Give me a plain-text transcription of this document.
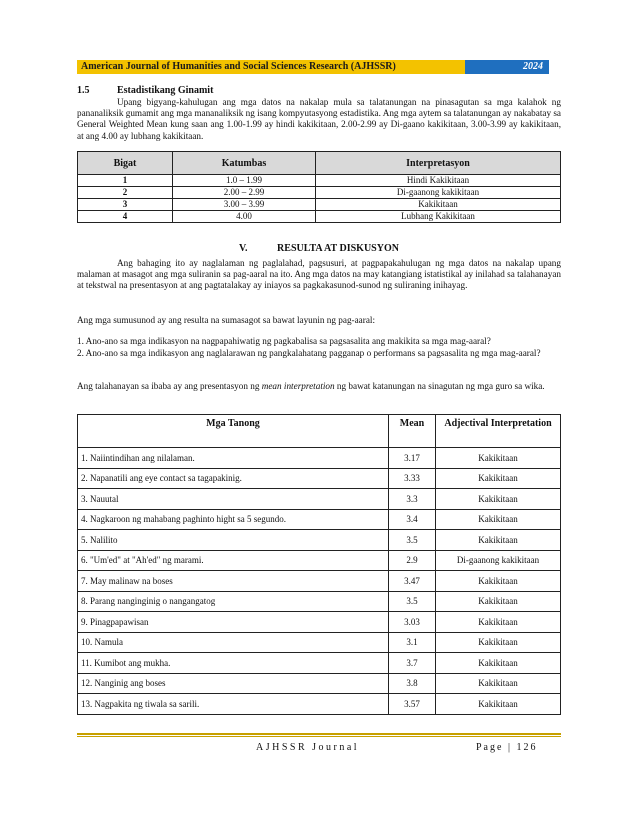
American Journal of Humanities and Social Sciences Research (AJHSSR)	2024
1.5	Estadistikang Ginamit
Upang bigyang-kahulugan ang mga datos na nakalap mula sa talatanungan na pinasagutan sa mga kalahok ng pananaliksik gumamit ang mga mananaliksik ng isang kompyutasyong estadistika. Ang mga aytem sa talatanungan ay nakabatay sa General Weighted Mean kung saan ang 1.00-1.99 ay hindi kakikitaan, 2.00-2.99 ay Di-gaano kakikitaan, 3.00-3.99 ay kakikitaan, at ang 4.00 ay lubhang kakikitaan.
Bigat	Katumbas	Interpretasyon
1	1.0 – 1.99	Hindi Kakikitaan
2	2.00 – 2.99	Di-gaanong kakikitaan
3	3.00 – 3.99	Kakikitaan
4	4.00	Lubhang Kakikitaan
V.	RESULTA AT DISKUSYON
Ang bahaging ito ay naglalaman ng paglalahad, pagsusuri, at pagpapakahulugan ng mga datos na nakalap upang malaman at masagot ang mga suliranin sa pag-aaral na ito. Ang mga datos na may katangiang istatistikal ay inilahad sa talahanayan at tekstwal na presentasyon at ang pagtatalakay ay iniayos sa pagkakasunod-sunod ng suliraning inihayag.
Ang mga sumusunod ay ang resulta na sumasagot sa bawat layunin ng pag-aaral:
1. Ano-ano sa mga indikasyon na nagpapahiwatig ng pagkabalisa sa pagsasalita ang makikita sa mga mag-aaral?
2. Ano-ano sa mga indikasyon ang naglalarawan ng pangkalahatang pagganap o performans sa pagsasalita ng mga mag-aaral?
Ang talahanayan sa ibaba ay ang presentasyon ng mean interpretation ng bawat katanungan na sinagutan ng mga guro sa wika.
Mga Tanong	Mean	Adjectival Interpretation
1. Naiintindihan ang nilalaman.	3.17	Kakikitaan
2. Napanatili ang eye contact sa tagapakinig.	3.33	Kakikitaan
3. Nauutal	3.3	Kakikitaan
4. Nagkaroon ng mahabang paghinto hight sa 5 segundo.	3.4	Kakikitaan
5. Nalilito	3.5	Kakikitaan
6. "Um'ed" at "Ah'ed" ng marami.	2.9	Di-gaanong kakikitaan
7. May malinaw na boses	3.47	Kakikitaan
8. Parang nanginginig o nangangatog	3.5	Kakikitaan
9. Pinagpapawisan	3.03	Kakikitaan
10. Namula	3.1	Kakikitaan
11. Kumibot ang mukha.	3.7	Kakikitaan
12. Nanginig ang boses	3.8	Kakikitaan
13. Nagpakita ng tiwala sa sarili.	3.57	Kakikitaan
AJHSSR Journal	Page | 126
